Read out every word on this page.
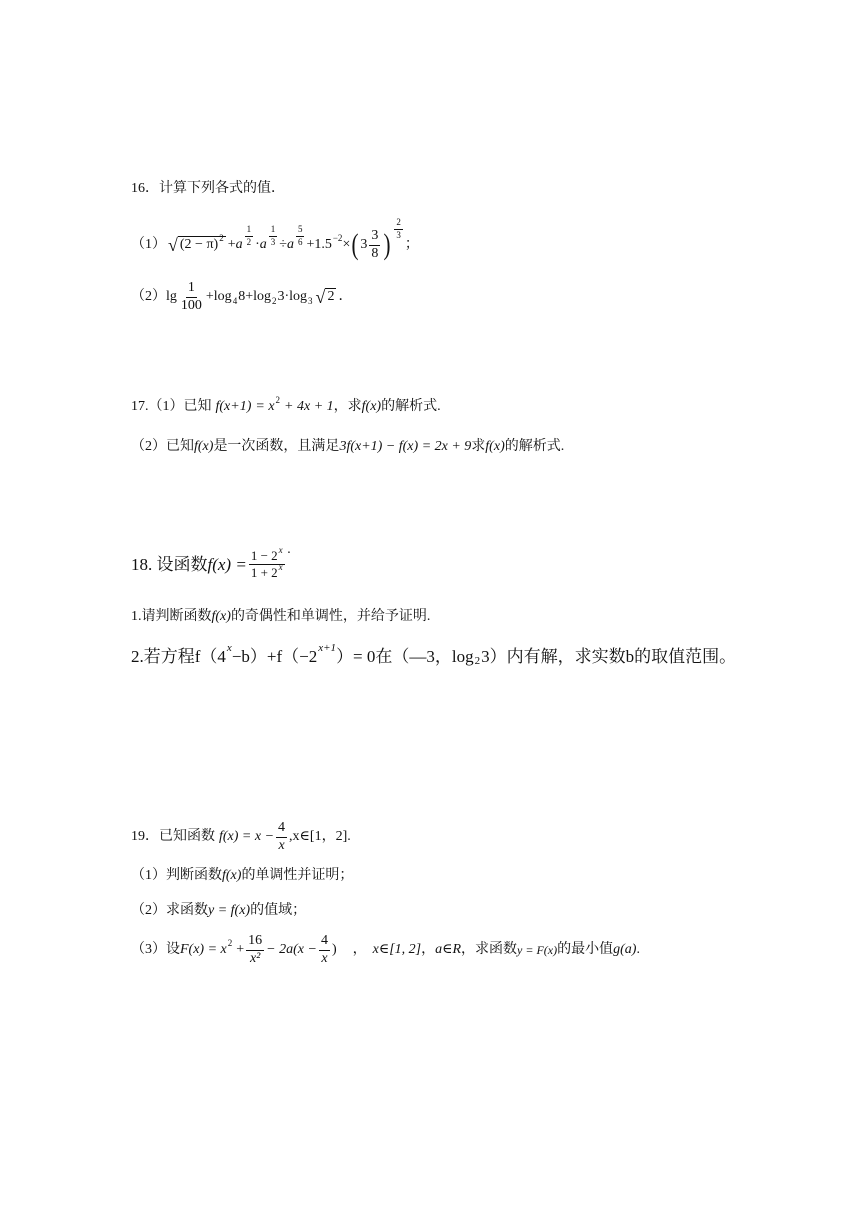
16．计算下列各式的值．
（1） √ $(2 - \pi)^2 + a \frac{1}{2} \cdot a \frac{1}{3} \div a \frac{5}{6} +1.5 -2$ × ( $3 \frac{3}{8}$ ) $\frac{2}{3}$
；
（2） $\lg \frac{1}{100} + \log 4$ 8 + log 2 3 · log 3 √ 2 ．
17.（1）已知 f(x+1) = x 2 + 4x + 1 ，求 f(x) 的解析式.
（2）已知 f(x) 是一次函数，且满足 3f(x+1) − f(x) = 2x + 9 求 f(x) 的解析式.
18. 设函数 $f(x) = \frac{1 - 2^x}{1 + 2^x}$ ·
1.请判断函数 f(x) 的奇偶性和单调性，并给予证明.
2.若方程f（4 x −b）+f（−2 x+1 ）= 0在（—3，log 2 3）内有解，求实数b的取值范围。
19．已知函数 $f(x) = x - \frac{4}{x}$ ,x∈[1，2].
（1）判断函数 f(x) 的单调性并证明；
（2）求函数 y = f(x) 的值域；
（3）设 F(x) = x $2 + \frac{16}{\text{x²}} - 2a(x - \frac{4}{x}$ ) ， x∈[1, 2] ， a∈R ，求函数 y = F(x) 的最小值 g(a) .
